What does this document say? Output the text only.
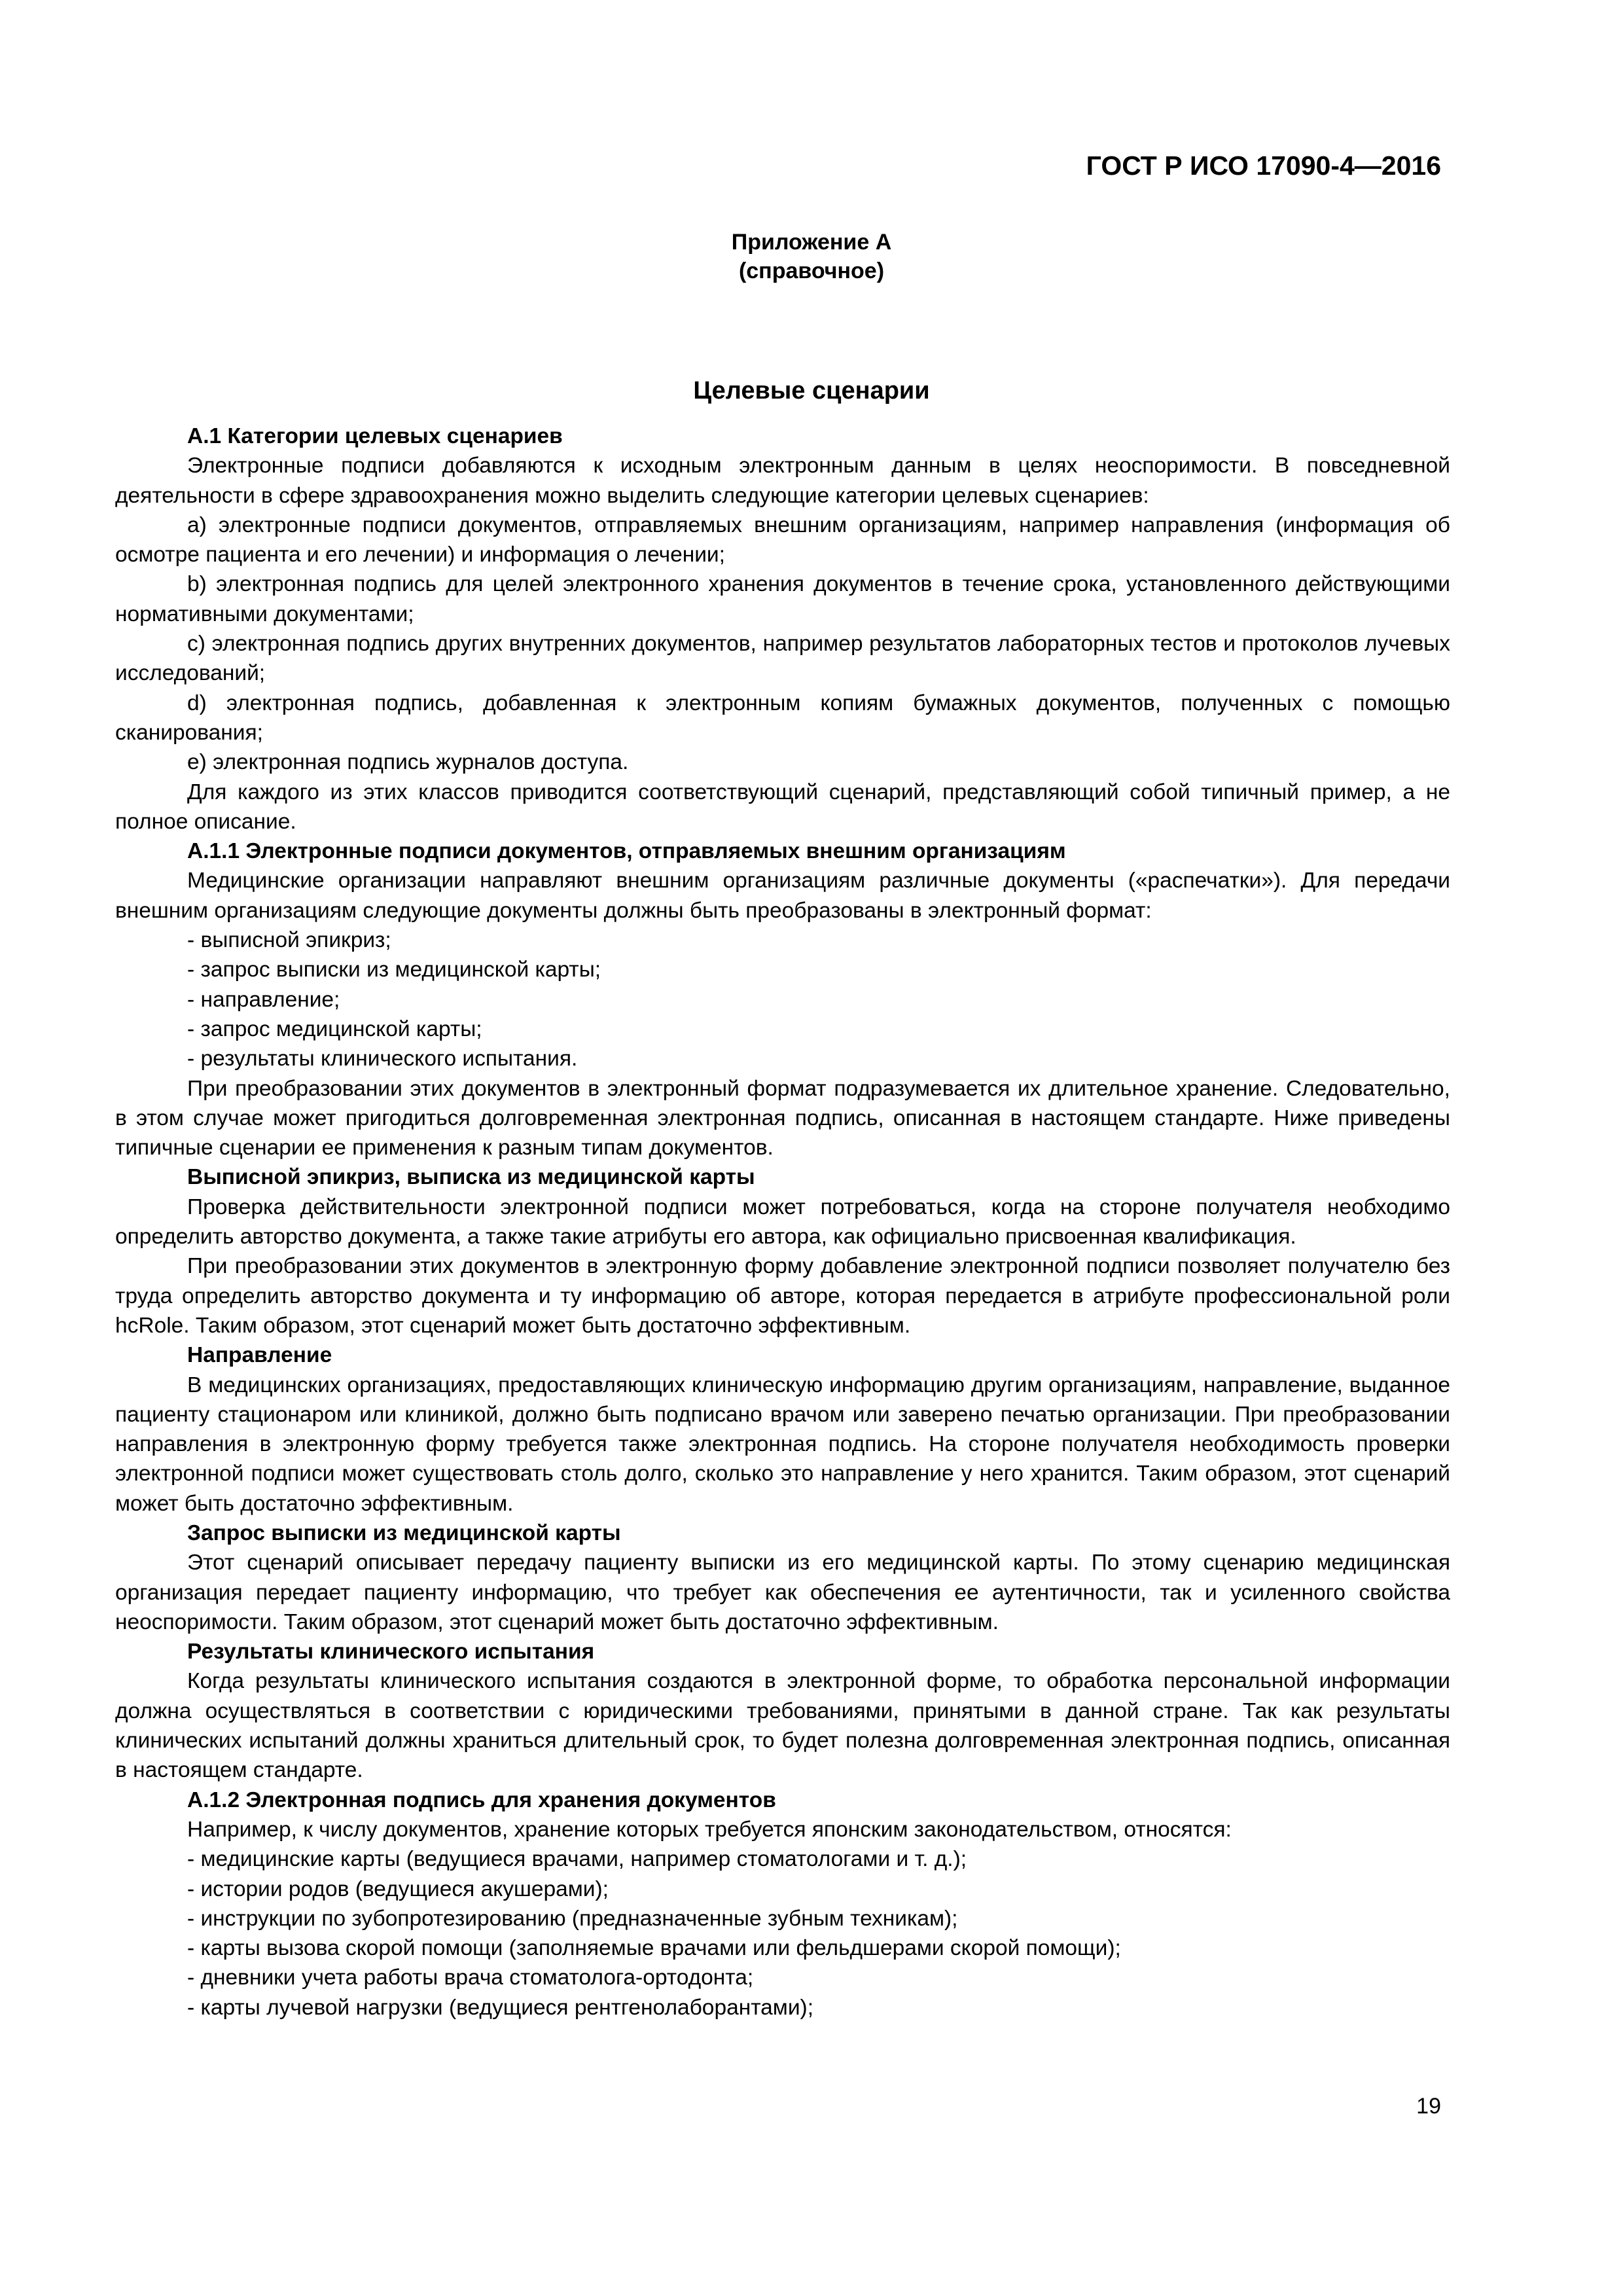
ГОСТ Р ИСО 17090-4—2016
Приложение А
(справочное)
Целевые сценарии

А.1 Категории целевых сценариев

Электронные подписи добавляются к исходным электронным данным в целях неоспоримости. В повседневной деятельности в сфере здравоохранения можно выделить следующие категории целевых сценариев:

a) электронные подписи документов, отправляемых внешним организациям, например направления (информация об осмотре пациента и его лечении) и информация о лечении;

b) электронная подпись для целей электронного хранения документов в течение срока, установленного действующими нормативными документами;

c) электронная подпись других внутренних документов, например результатов лабораторных тестов и протоколов лучевых исследований;

d) электронная подпись, добавленная к электронным копиям бумажных документов, полученных с помощью сканирования;

e) электронная подпись журналов доступа.

Для каждого из этих классов приводится соответствующий сценарий, представляющий собой типичный пример, а не полное описание.

А.1.1 Электронные подписи документов, отправляемых внешним организациям

Медицинские организации направляют внешним организациям различные документы («распечатки»). Для передачи внешним организациям следующие документы должны быть преобразованы в электронный формат:

- выписной эпикриз;

- запрос выписки из медицинской карты;

- направление;

- запрос медицинской карты;

- результаты клинического испытания.

При преобразовании этих документов в электронный формат подразумевается их длительное хранение. Следовательно, в этом случае может пригодиться долговременная электронная подпись, описанная в настоящем стандарте. Ниже приведены типичные сценарии ее применения к разным типам документов.

Выписной эпикриз, выписка из медицинской карты

Проверка действительности электронной подписи может потребоваться, когда на стороне получателя необходимо определить авторство документа, а также такие атрибуты его автора, как официально присвоенная квалификация.

При преобразовании этих документов в электронную форму добавление электронной подписи позволяет получателю без труда определить авторство документа и ту информацию об авторе, которая передается в атрибуте профессиональной роли hcRole. Таким образом, этот сценарий может быть достаточно эффективным.

Направление

В медицинских организациях, предоставляющих клиническую информацию другим организациям, направление, выданное пациенту стационаром или клиникой, должно быть подписано врачом или заверено печатью организации. При преобразовании направления в электронную форму требуется также электронная подпись. На стороне получателя необходимость проверки электронной подписи может существовать столь долго, сколько это направление у него хранится. Таким образом, этот сценарий может быть достаточно эффективным.

Запрос выписки из медицинской карты

Этот сценарий описывает передачу пациенту выписки из его медицинской карты. По этому сценарию медицинская организация передает пациенту информацию, что требует как обеспечения ее аутентичности, так и усиленного свойства неоспоримости. Таким образом, этот сценарий может быть достаточно эффективным.

Результаты клинического испытания

Когда результаты клинического испытания создаются в электронной форме, то обработка персональной информации должна осуществляться в соответствии с юридическими требованиями, принятыми в данной стране. Так как результаты клинических испытаний должны храниться длительный срок, то будет полезна долговременная электронная подпись, описанная в настоящем стандарте.

А.1.2 Электронная подпись для хранения документов

Например, к числу документов, хранение которых требуется японским законодательством, относятся:

- медицинские карты (ведущиеся врачами, например стоматологами и т. д.);

- истории родов (ведущиеся акушерами);

- инструкции по зубопротезированию (предназначенные зубным техникам);

- карты вызова скорой помощи (заполняемые врачами или фельдшерами скорой помощи);

- дневники учета работы врача стоматолога-ортодонта;

- карты лучевой нагрузки (ведущиеся рентгенолаборантами);

19
